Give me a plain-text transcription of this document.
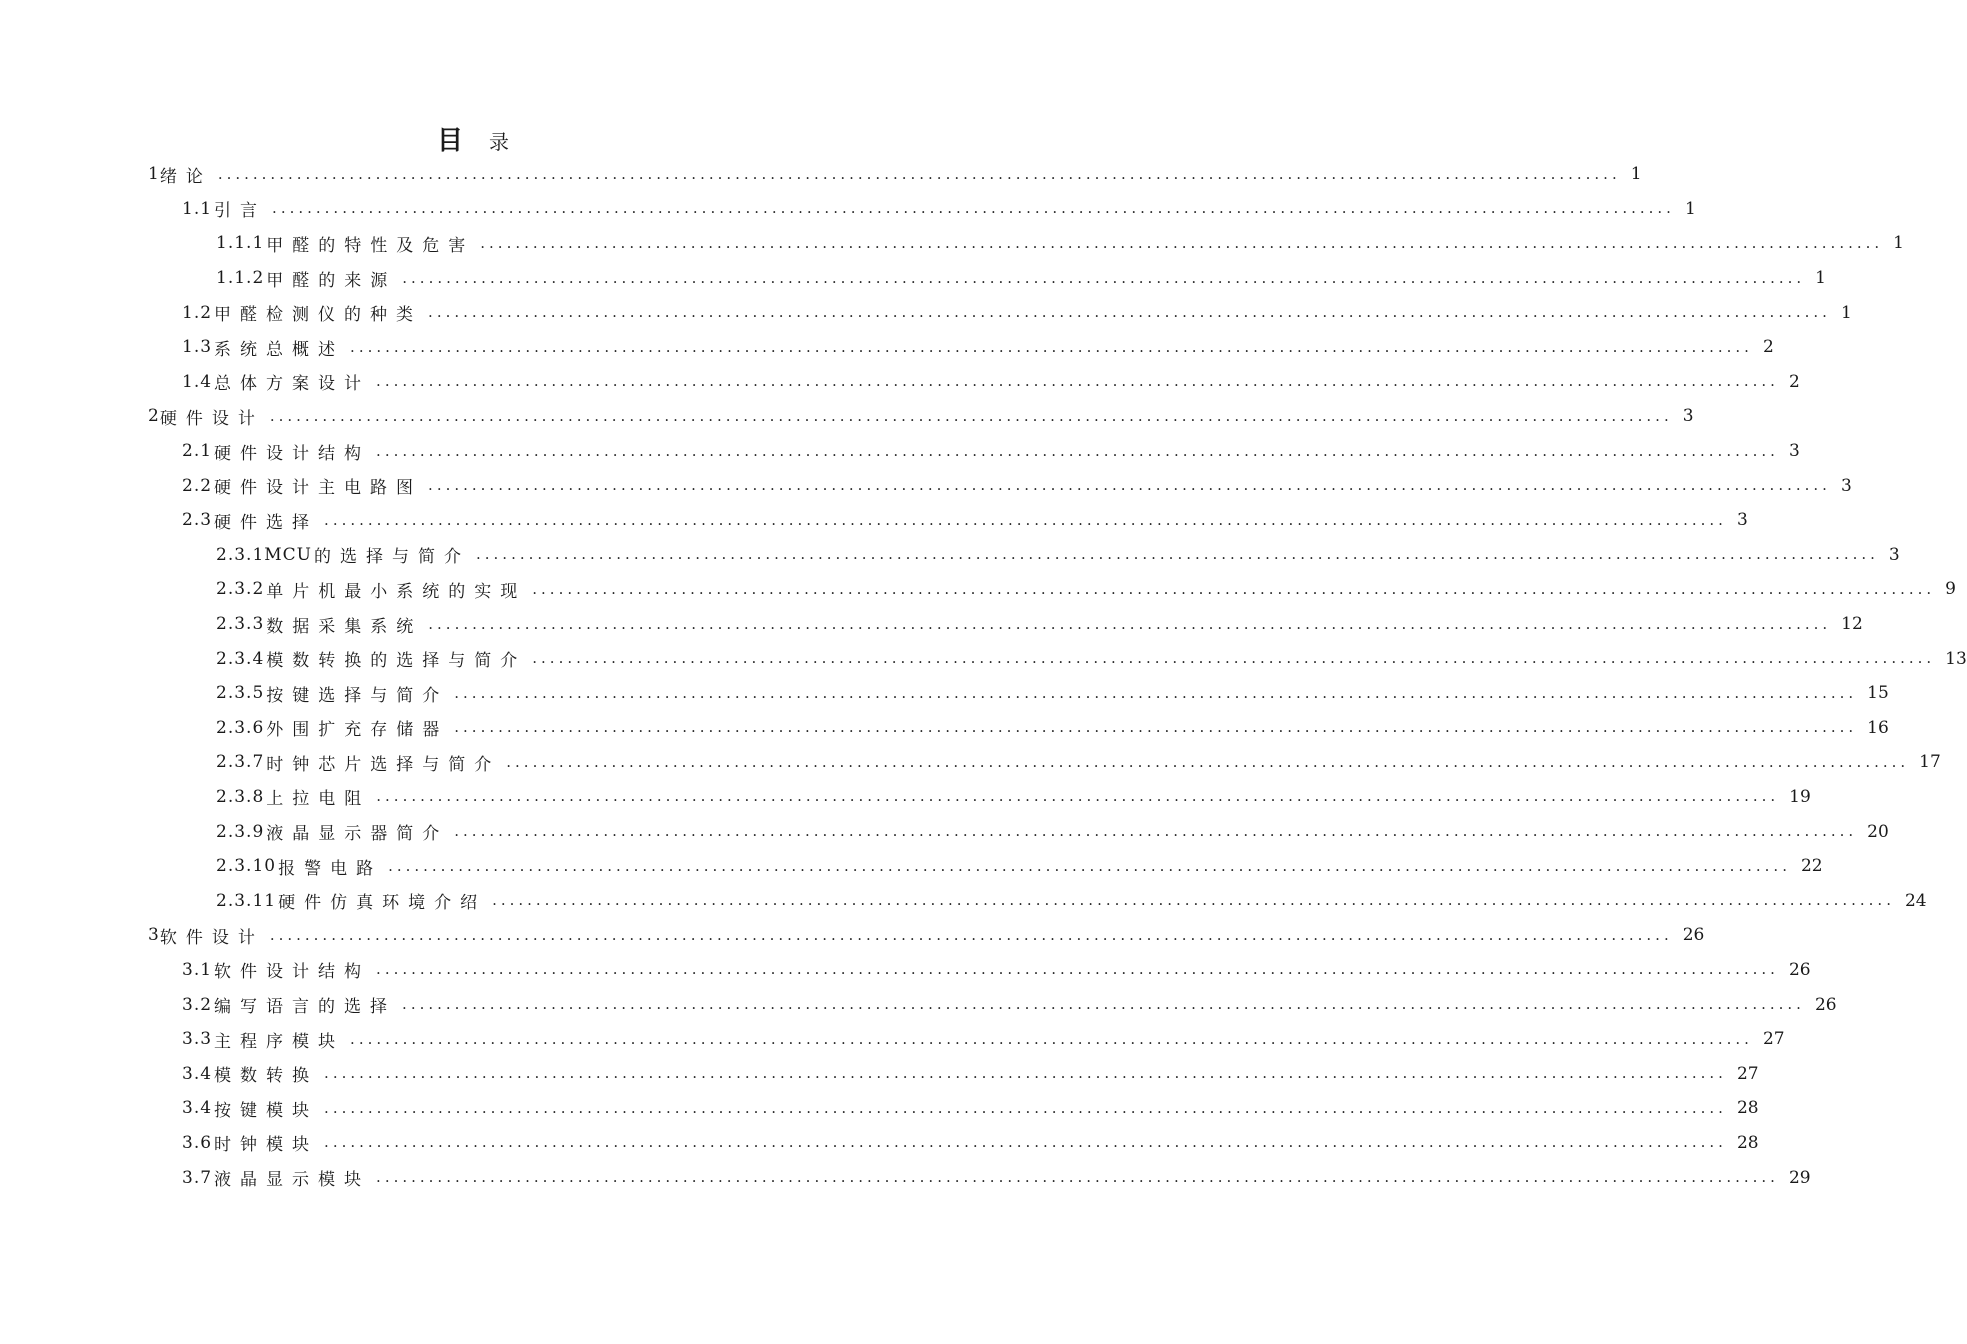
目 录
1 绪论 ................................................................................................................................................................ 1
1.1 引言 ................................................................................................................................................................ 1
1.1.1 甲醛的特性及危害 ................................................................................................................................................................ 1
1.1.2 甲醛的来源 ................................................................................................................................................................ 1
1.2 甲醛检测仪的种类 ................................................................................................................................................................ 1
1.3 系统总概述 ................................................................................................................................................................ 2
1.4 总体方案设计 ................................................................................................................................................................ 2
2 硬件设计 ................................................................................................................................................................ 3
2.1 硬件设计结构 ................................................................................................................................................................ 3
2.2 硬件设计主电路图 ................................................................................................................................................................ 3
2.3 硬件选择 ................................................................................................................................................................ 3
2.3.1MCU 的选择与简介 ................................................................................................................................................................ 3
2.3.2 单片机最小系统的实现 ................................................................................................................................................................ 9
2.3.3 数据采集系统 ................................................................................................................................................................ 12
2.3.4 模数转换的选择与简介 ................................................................................................................................................................ 13
2.3.5 按键选择与简介 ................................................................................................................................................................ 15
2.3.6 外围扩充存储器 ................................................................................................................................................................ 16
2.3.7 时钟芯片选择与简介 ................................................................................................................................................................ 17
2.3.8 上拉电阻 ................................................................................................................................................................ 19
2.3.9 液晶显示器简介 ................................................................................................................................................................ 20
2.3.10 报警电路 ................................................................................................................................................................ 22
2.3.11 硬件仿真环境介绍 ................................................................................................................................................................ 24
3 软件设计 ................................................................................................................................................................ 26
3.1 软件设计结构 ................................................................................................................................................................ 26
3.2 编写语言的选择 ................................................................................................................................................................ 26
3.3 主程序模块 ................................................................................................................................................................ 27
3.4 模数转换 ................................................................................................................................................................ 27
3.4 按键模块 ................................................................................................................................................................ 28
3.6 时钟模块 ................................................................................................................................................................ 28
3.7 液晶显示模块 ................................................................................................................................................................ 29
